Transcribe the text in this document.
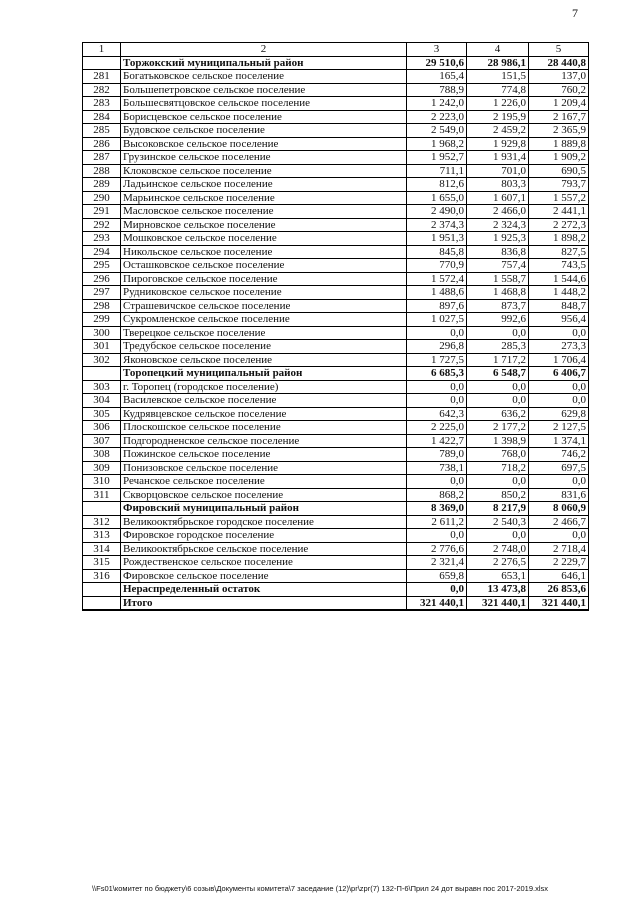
7
1	2	3	4	5
	Торжокский муниципальный район	29 510,6	28 986,1	28 440,8
281	Богатьковское сельское поселение	165,4	151,5	137,0
282	Большепетровское сельское поселение	788,9	774,8	760,2
283	Большесвятцовское сельское поселение	1 242,0	1 226,0	1 209,4
284	Борисцевское сельское поселение	2 223,0	2 195,9	2 167,7
285	Будовское сельское поселение	2 549,0	2 459,2	2 365,9
286	Высоковское сельское поселение	1 968,2	1 929,8	1 889,8
287	Грузинское сельское поселение	1 952,7	1 931,4	1 909,2
288	Клоковское сельское поселение	711,1	701,0	690,5
289	Ладьинское сельское поселение	812,6	803,3	793,7
290	Марьинское сельское поселение	1 655,0	1 607,1	1 557,2
291	Масловское сельское поселение	2 490,0	2 466,0	2 441,1
292	Мирновское сельское поселение	2 374,3	2 324,3	2 272,3
293	Мошковское сельское поселение	1 951,3	1 925,3	1 898,2
294	Никольское сельское поселение	845,8	836,8	827,5
295	Осташковское сельское поселение	770,9	757,4	743,5
296	Пироговское сельское поселение	1 572,4	1 558,7	1 544,6
297	Рудниковское сельское поселение	1 488,6	1 468,8	1 448,2
298	Страшевичское сельское поселение	897,6	873,7	848,7
299	Сукромленское сельское поселение	1 027,5	992,6	956,4
300	Тверецкое сельское поселение	0,0	0,0	0,0
301	Тредубское сельское поселение	296,8	285,3	273,3
302	Яконовское сельское поселение	1 727,5	1 717,2	1 706,4
	Торопецкий муниципальный район	6 685,3	6 548,7	6 406,7
303	г. Торопец (городское поселение)	0,0	0,0	0,0
304	Василевское сельское поселение	0,0	0,0	0,0
305	Кудрявцевское сельское поселение	642,3	636,2	629,8
306	Плоскошское сельское поселение	2 225,0	2 177,2	2 127,5
307	Подгородненское сельское поселение	1 422,7	1 398,9	1 374,1
308	Пожинское сельское поселение	789,0	768,0	746,2
309	Понизовское сельское поселение	738,1	718,2	697,5
310	Речанское сельское поселение	0,0	0,0	0,0
311	Скворцовское сельское поселение	868,2	850,2	831,6
	Фировский муниципальный район	8 369,0	8 217,9	8 060,9
312	Великооктябрьское городское поселение	2 611,2	2 540,3	2 466,7
313	Фировское городское поселение	0,0	0,0	0,0
314	Великооктябрьское сельское поселение	2 776,6	2 748,0	2 718,4
315	Рождественское сельское поселение	2 321,4	2 276,5	2 229,7
316	Фировское сельское поселение	659,8	653,1	646,1
	Нераспределенный остаток	0,0	13 473,8	26 853,6
	Итого	321 440,1	321 440,1	321 440,1
\\Fs01\комитет по бюджету\6 созыв\Документы комитета\7 заседание (12)\pr\zpr(7) 132-П-6\Прил 24 дот выравн пос 2017-2019.xlsx
